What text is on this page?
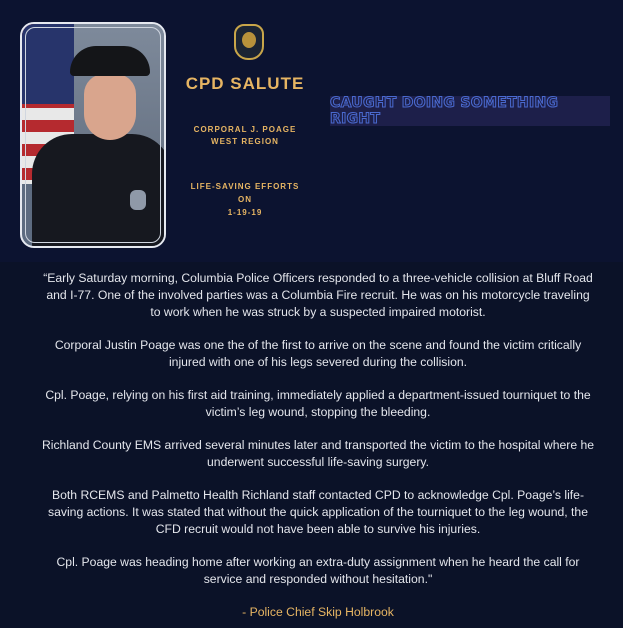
CPD SALUTE
CORPORAL J. POAGE
WEST REGION
LIFE-SAVING EFFORTS
ON
1-19-19
CAUGHT DOING SOMETHING RIGHT

“Early Saturday morning, Columbia Police Officers responded to a three-vehicle collision at Bluff Road and I-77. One of the involved parties was a Columbia Fire recruit. He was on his motorcycle traveling to work when he was struck by a suspected impaired motorist.

Corporal Justin Poage was one the of the first to arrive on the scene and found the victim critically injured with one of his legs severed during the collision.

Cpl. Poage, relying on his first aid training, immediately applied a department-issued tourniquet to the victim’s leg wound, stopping the bleeding.

Richland County EMS arrived several minutes later and transported the victim to the hospital where he underwent successful life-saving surgery.

Both RCEMS and Palmetto Health Richland staff contacted CPD to acknowledge Cpl. Poage’s life-saving actions. It was stated that without the quick application of the tourniquet to the leg wound, the CFD recruit would not have been able to survive his injuries.

Cpl. Poage was heading home after working an extra-duty assignment when he heard the call for service and responded without hesitation."

- Police Chief Skip Holbrook
